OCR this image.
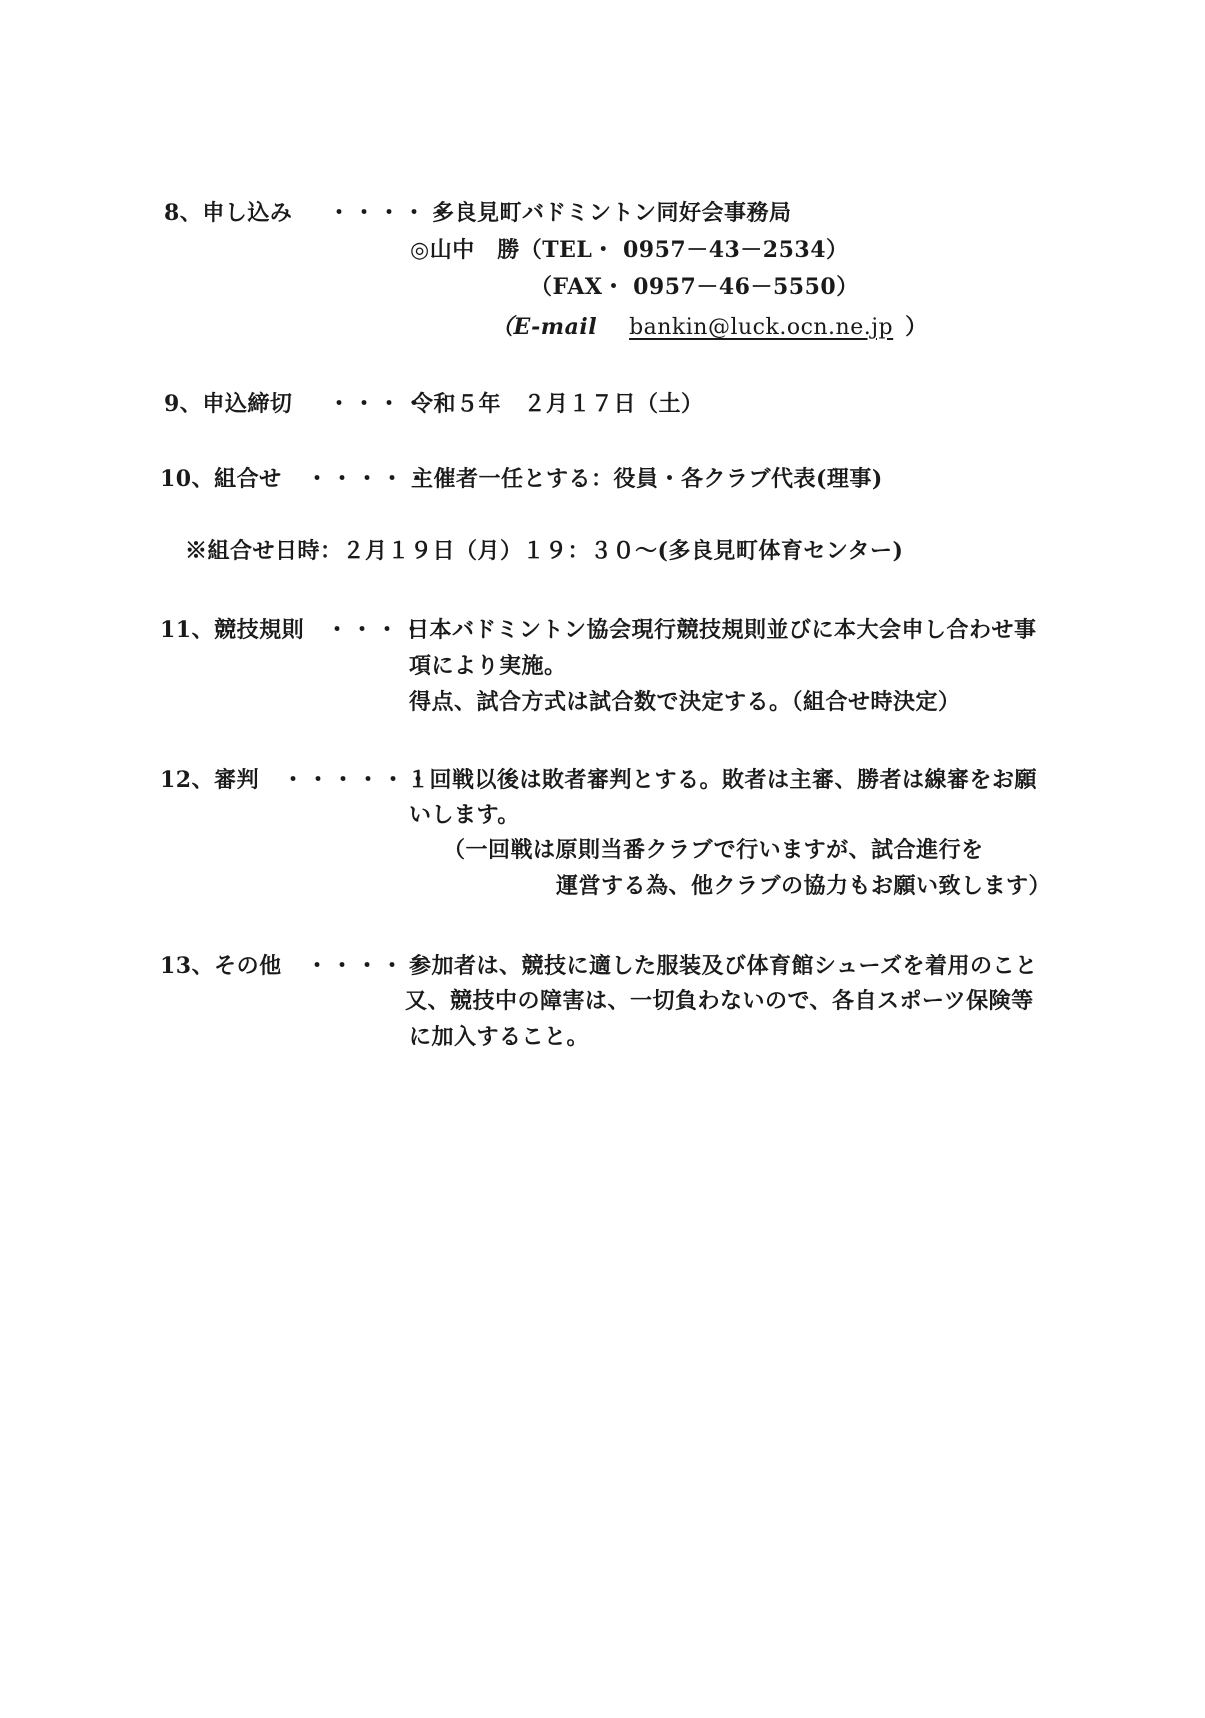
8、申し込み ・・・・・
多良見町バドミントン同好会事務局
◎山中　勝（TEL・ 0957－43－2534）
（FAX・ 0957－46－5550）
（E-mail bankin@luck.ocn.ne.jp ）
9、申込締切 ・・・・
令和５年　２月１７日（土）
10、組合せ ・・・・・
主催者一任とする：役員・各クラブ代表(理事)
※組合せ日時：２月１９日（月）１９：３０～(多良見町体育センター)
11、競技規則 ・・・・
日本バドミントン協会現行競技規則並びに本大会申し合わせ事
項により実施。
得点、試合方式は試合数で決定する。（組合せ時決定）
12、審判 ・・・・・・
１回戦以後は敗者審判とする。敗者は主審、勝者は線審をお願
いします。
（一回戦は原則当番クラブで行いますが、試合進行を
運営する為、他クラブの協力もお願い致します）
13、その他 ・・・・・
参加者は、競技に適した服装及び体育館シューズを着用のこと
又、競技中の障害は、一切負わないので、各自スポーツ保険等
に加入すること。
